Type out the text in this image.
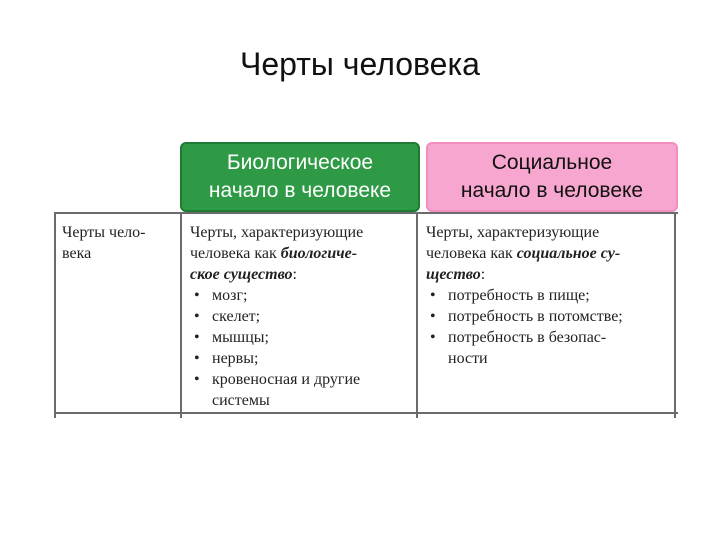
Черты человека
Биологическое
начало в человеке
Социальное
начало в человеке
Черты чело-
века
Черты, характеризующие
человека как биологиче-
ское существо:
• мозг;
• скелет;
• мышцы;
• нервы;
• кровеносная и другие
системы
Черты, характеризующие
человека как социальное су-
щество:
• потребность в пище;
• потребность в потомстве;
• потребность в безопас-
ности
